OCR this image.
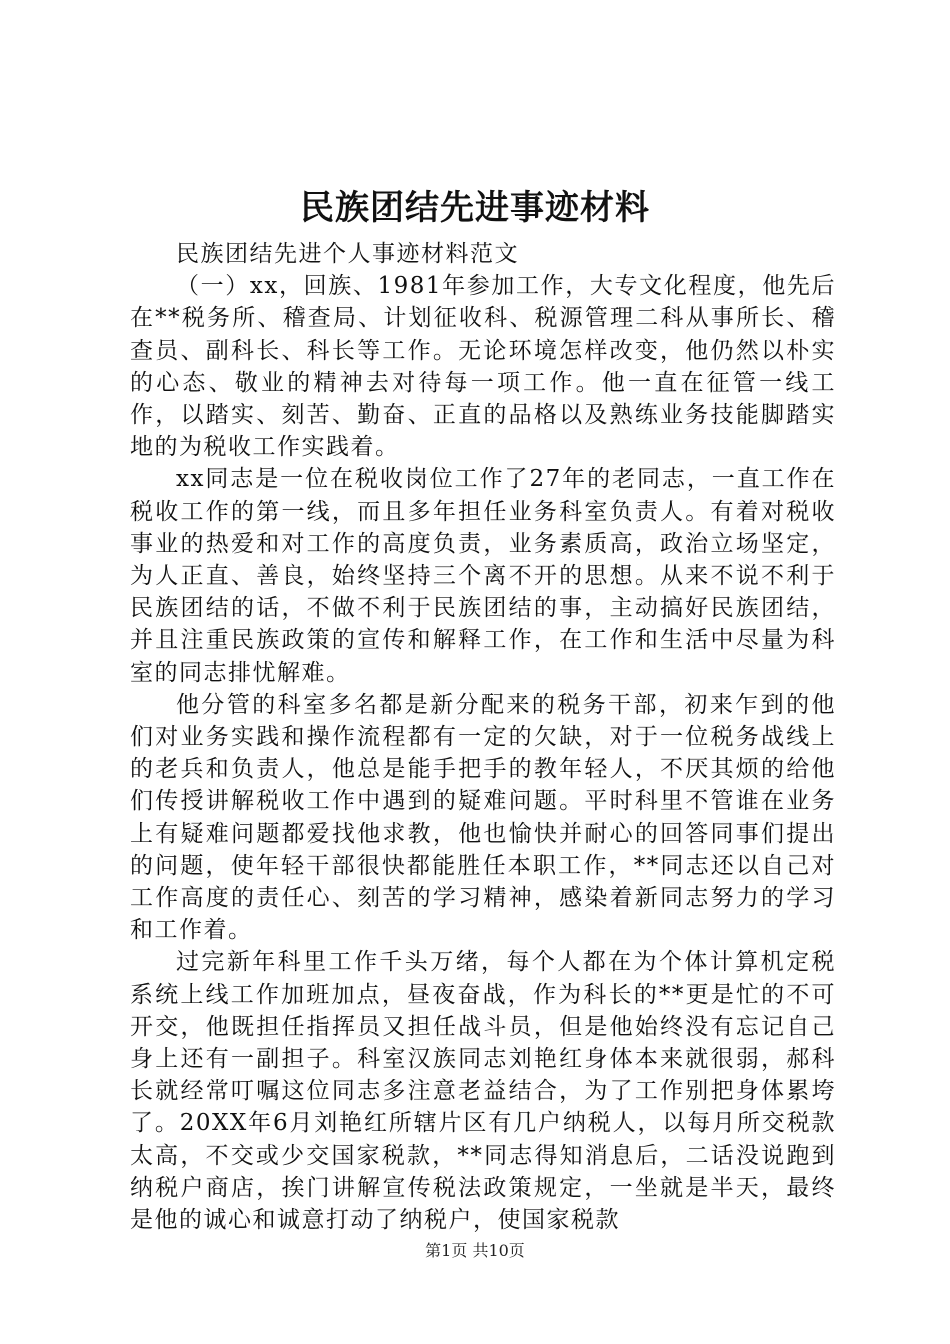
民族团结先进事迹材料

民族团结先进个人事迹材料范文

（一）xx，回族、1981年参加工作，大专文化程度，他先后在**税务所、稽查局、计划征收科、税源管理二科从事所长、稽查员、副科长、科长等工作。无论环境怎样改变，他仍然以朴实的心态、敬业的精神去对待每一项工作。他一直在征管一线工作，以踏实、刻苦、勤奋、正直的品格以及熟练业务技能脚踏实地的为税收工作实践着。

xx同志是一位在税收岗位工作了27年的老同志，一直工作在税收工作的第一线，而且多年担任业务科室负责人。有着对税收事业的热爱和对工作的高度负责，业务素质高，政治立场坚定，为人正直、善良，始终坚持三个离不开的思想。从来不说不利于民族团结的话，不做不利于民族团结的事，主动搞好民族团结，并且注重民族政策的宣传和解释工作，在工作和生活中尽量为科室的同志排忧解难。

他分管的科室多名都是新分配来的税务干部，初来乍到的他们对业务实践和操作流程都有一定的欠缺，对于一位税务战线上的老兵和负责人，他总是能手把手的教年轻人，不厌其烦的给他们传授讲解税收工作中遇到的疑难问题。平时科里不管谁在业务上有疑难问题都爱找他求教，他也愉快并耐心的回答同事们提出的问题，使年轻干部很快都能胜任本职工作，**同志还以自己对工作高度的责任心、刻苦的学习精神，感染着新同志努力的学习和工作着。

过完新年科里工作千头万绪，每个人都在为个体计算机定税系统上线工作加班加点，昼夜奋战，作为科长的**更是忙的不可开交，他既担任指挥员又担任战斗员，但是他始终没有忘记自己身上还有一副担子。科室汉族同志刘艳红身体本来就很弱，郝科长就经常叮嘱这位同志多注意老益结合，为了工作别把身体累垮了。20XX年6月刘艳红所辖片区有几户纳税人，以每月所交税款太高，不交或少交国家税款，**同志得知消息后，二话没说跑到纳税户商店，挨门讲解宣传税法政策规定，一坐就是半天，最终是他的诚心和诚意打动了纳税户，使国家税款

第1页 共10页
